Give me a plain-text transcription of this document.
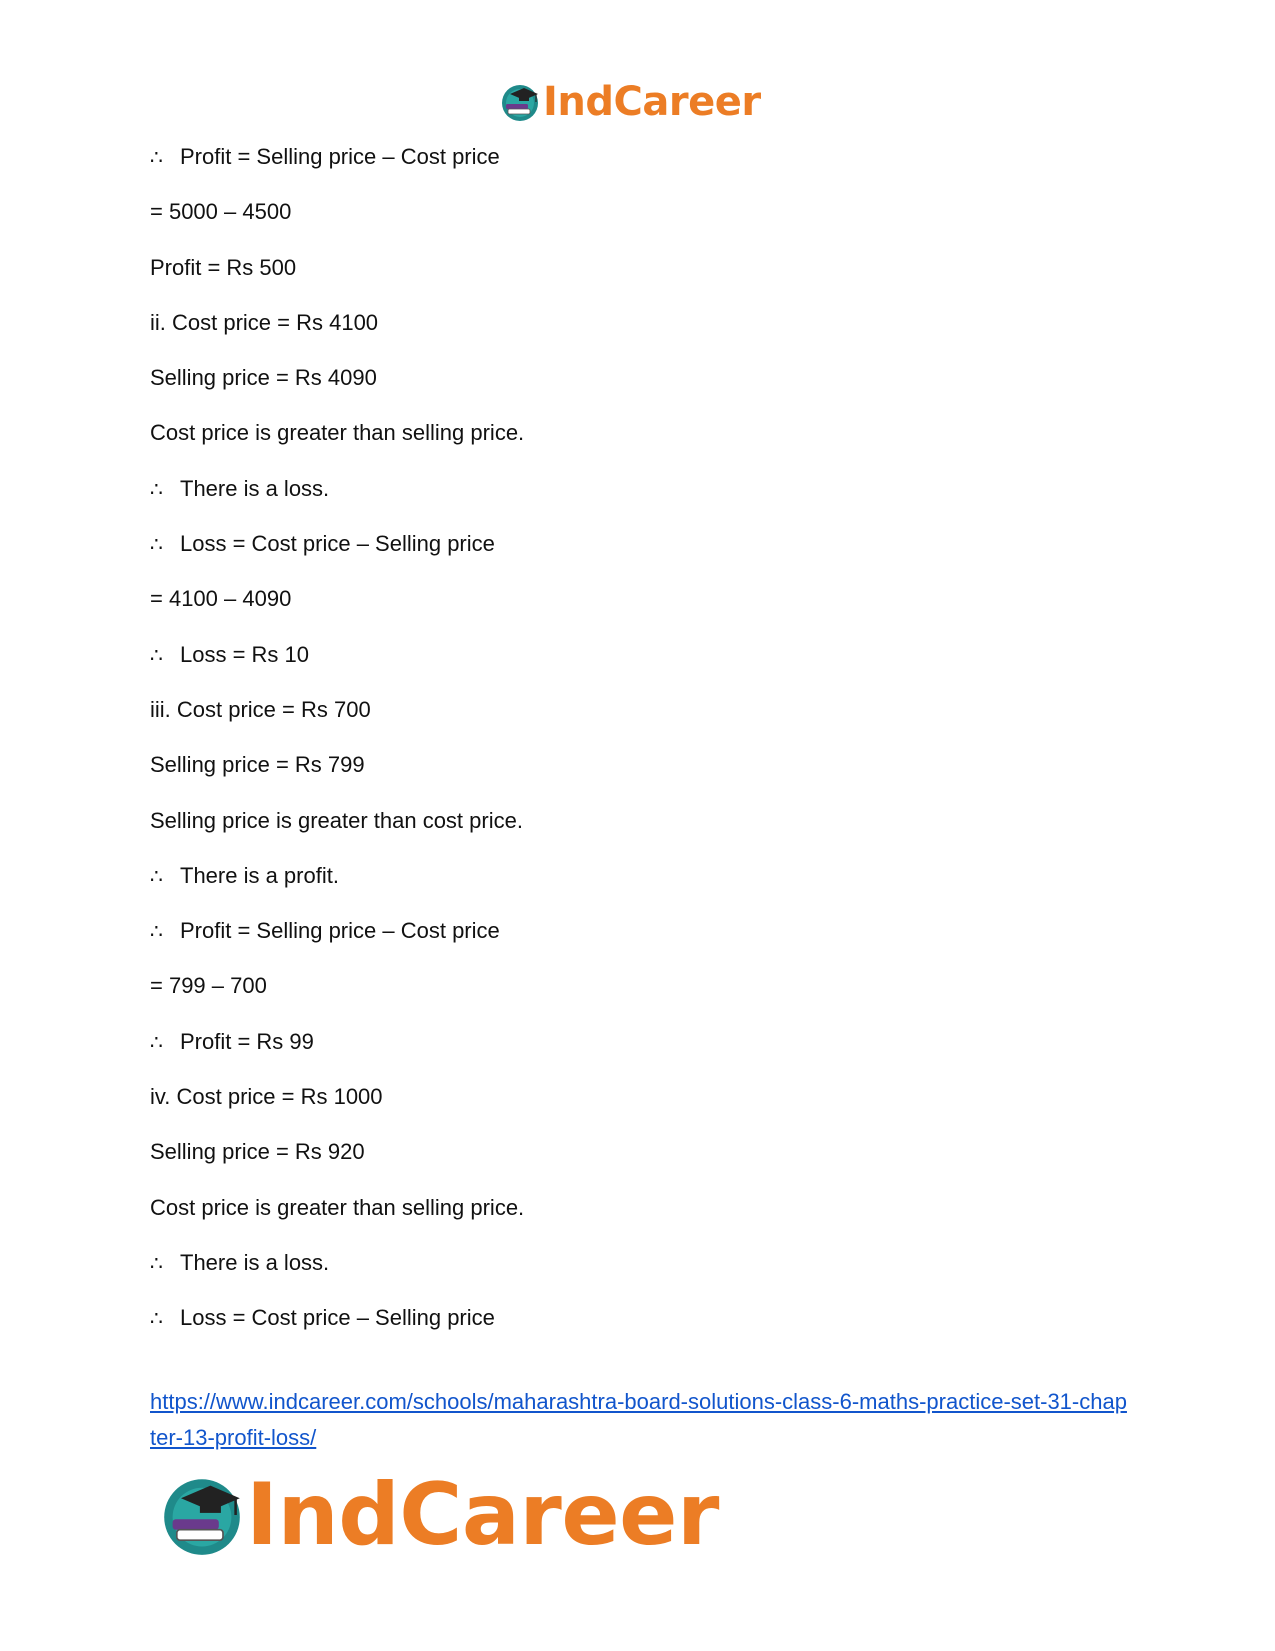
IndCareer
∴ Profit = Selling price – Cost price
= 5000 – 4500
Profit = Rs 500
ii. Cost price = Rs 4100
Selling price = Rs 4090
Cost price is greater than selling price.
∴ There is a loss.
∴ Loss = Cost price – Selling price
= 4100 – 4090
∴ Loss = Rs 10
iii. Cost price = Rs 700
Selling price = Rs 799
Selling price is greater than cost price.
∴ There is a profit.
∴ Profit = Selling price – Cost price
= 799 – 700
∴ Profit = Rs 99
iv. Cost price = Rs 1000
Selling price = Rs 920
Cost price is greater than selling price.
∴ There is a loss.
∴ Loss = Cost price – Selling price
https://www.indcareer.com/schools/maharashtra-board-solutions-class-6-maths-practice-set-31-chapter-13-profit-loss/
IndCareer
